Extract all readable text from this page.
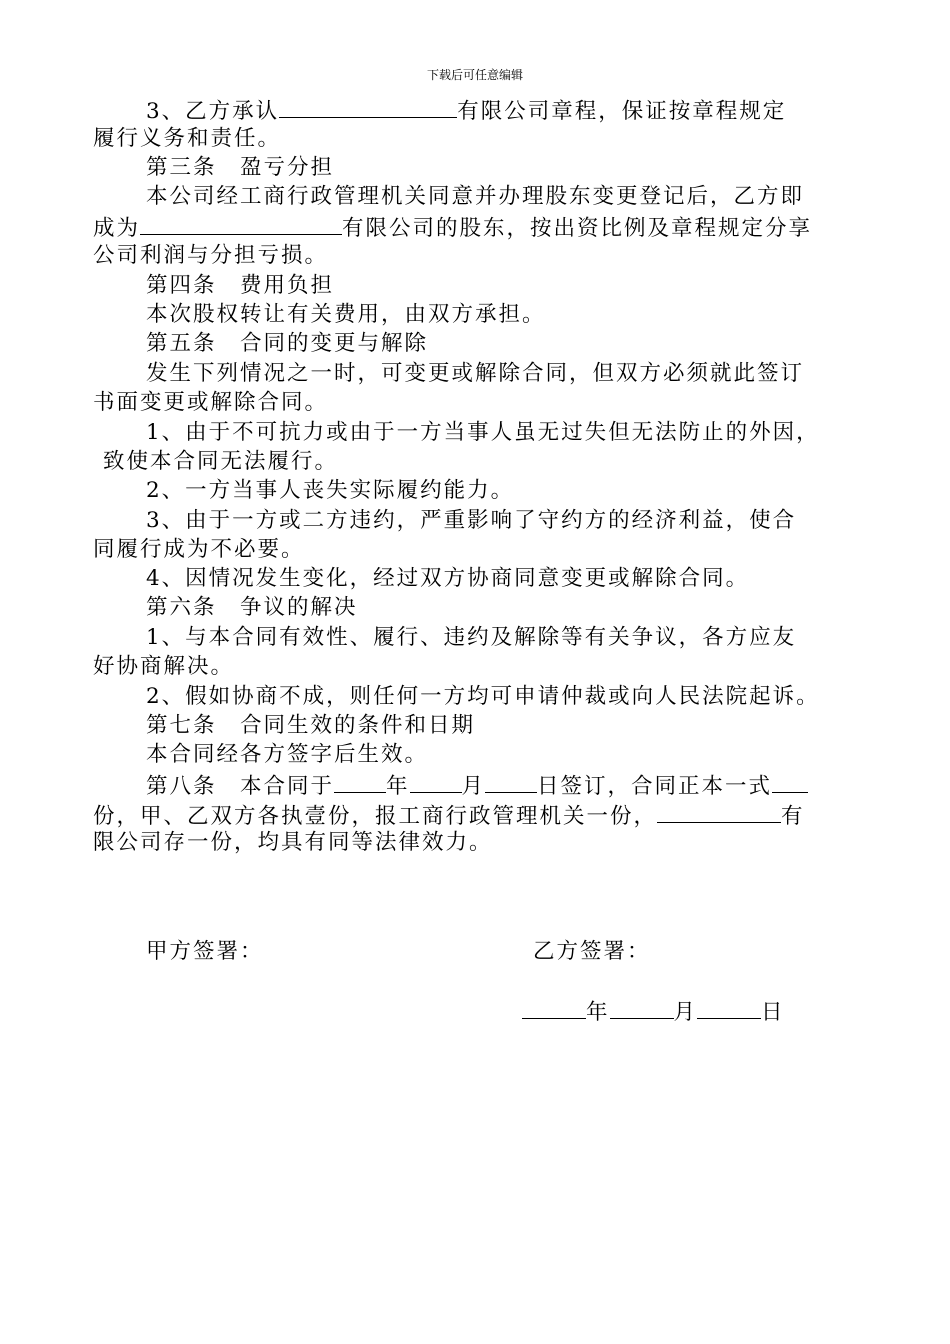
下载后可任意编辑
3、乙方承认	有限公司章程，保证按章程规定
履行义务和责任。
第三条　盈亏分担
本公司经工商行政管理机关同意并办理股东变更登记后，乙方即
成为	有限公司的股东，按出资比例及章程规定分享
公司利润与分担亏损。
第四条　费用负担
本次股权转让有关费用，由双方承担。
第五条　合同的变更与解除
发生下列情况之一时，可变更或解除合同，但双方必须就此签订
书面变更或解除合同。
1、由于不可抗力或由于一方当事人虽无过失但无法防止的外因，
致使本合同无法履行。
2、一方当事人丧失实际履约能力。
3、由于一方或二方违约，严重影响了守约方的经济利益，使合
同履行成为不必要。
4、因情况发生变化，经过双方协商同意变更或解除合同。
第六条　争议的解决
1、与本合同有效性、履行、违约及解除等有关争议，各方应友
好协商解决。
2、假如协商不成，则任何一方均可申请仲裁或向人民法院起诉。
第七条　合同生效的条件和日期
本合同经各方签字后生效。
第八条　本合同于 年 月 日签订，合同正本一式
份，甲、乙双方各执壹份，报工商行政管理机关一份，	有
限公司存一份，均具有同等法律效力。
甲方签署：	乙方签署：
年	月	日
